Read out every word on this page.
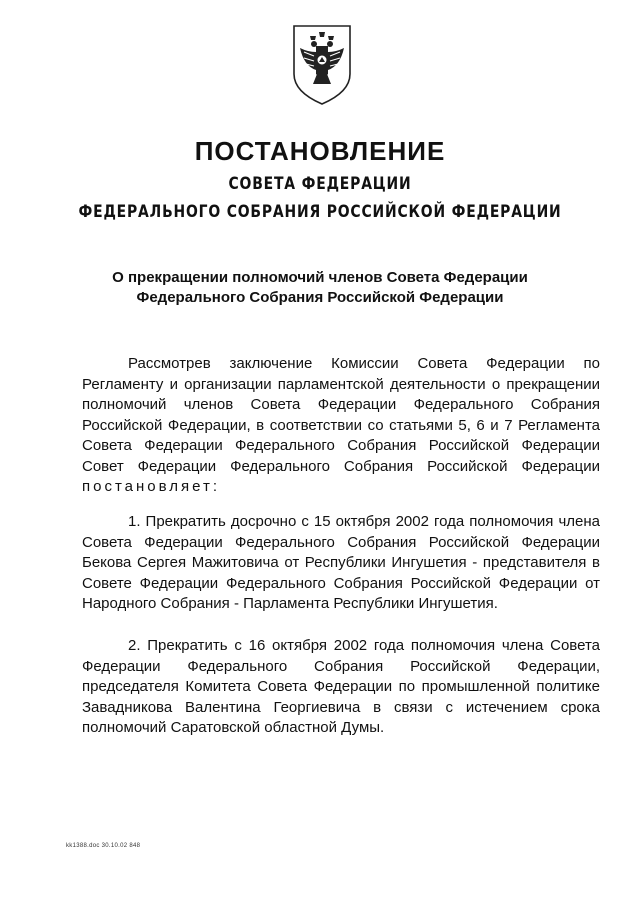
ПОСТАНОВЛЕНИЕ
СОВЕТА ФЕДЕРАЦИИ
ФЕДЕРАЛЬНОГО СОБРАНИЯ РОССИЙСКОЙ ФЕДЕРАЦИИ
О прекращении полномочий членов Совета Федерации
Федерального Собрания Российской Федерации

Рассмотрев заключение Комиссии Совета Федерации по Регламенту и организации парламентской деятельности о прекращении полномочий членов Совета Федерации Федерального Собрания Российской Федерации, в соответствии со статьями 5, 6 и 7 Регламента Совета Федерации Федерального Собрания Российской Федерации Совет Федерации Федерального Собрания Российской Федерации постановляет:

1. Прекратить досрочно с 15 октября 2002 года полномочия члена Совета Федерации Федерального Собрания Российской Федерации Бекова Сергея Мажитовича от Республики Ингушетия - представителя в Совете Федерации Федерального Собрания Российской Федерации от Народного Собрания - Парламента Республики Ингушетия.

2. Прекратить с 16 октября 2002 года полномочия члена Совета Федерации Федерального Собрания Российской Федерации, председателя Комитета Совета Федерации по промышленной политике Завадникова Валентина Георгиевича в связи с истечением срока полномочий Саратовской областной Думы.

kk1388.doc 30.10.02 848
